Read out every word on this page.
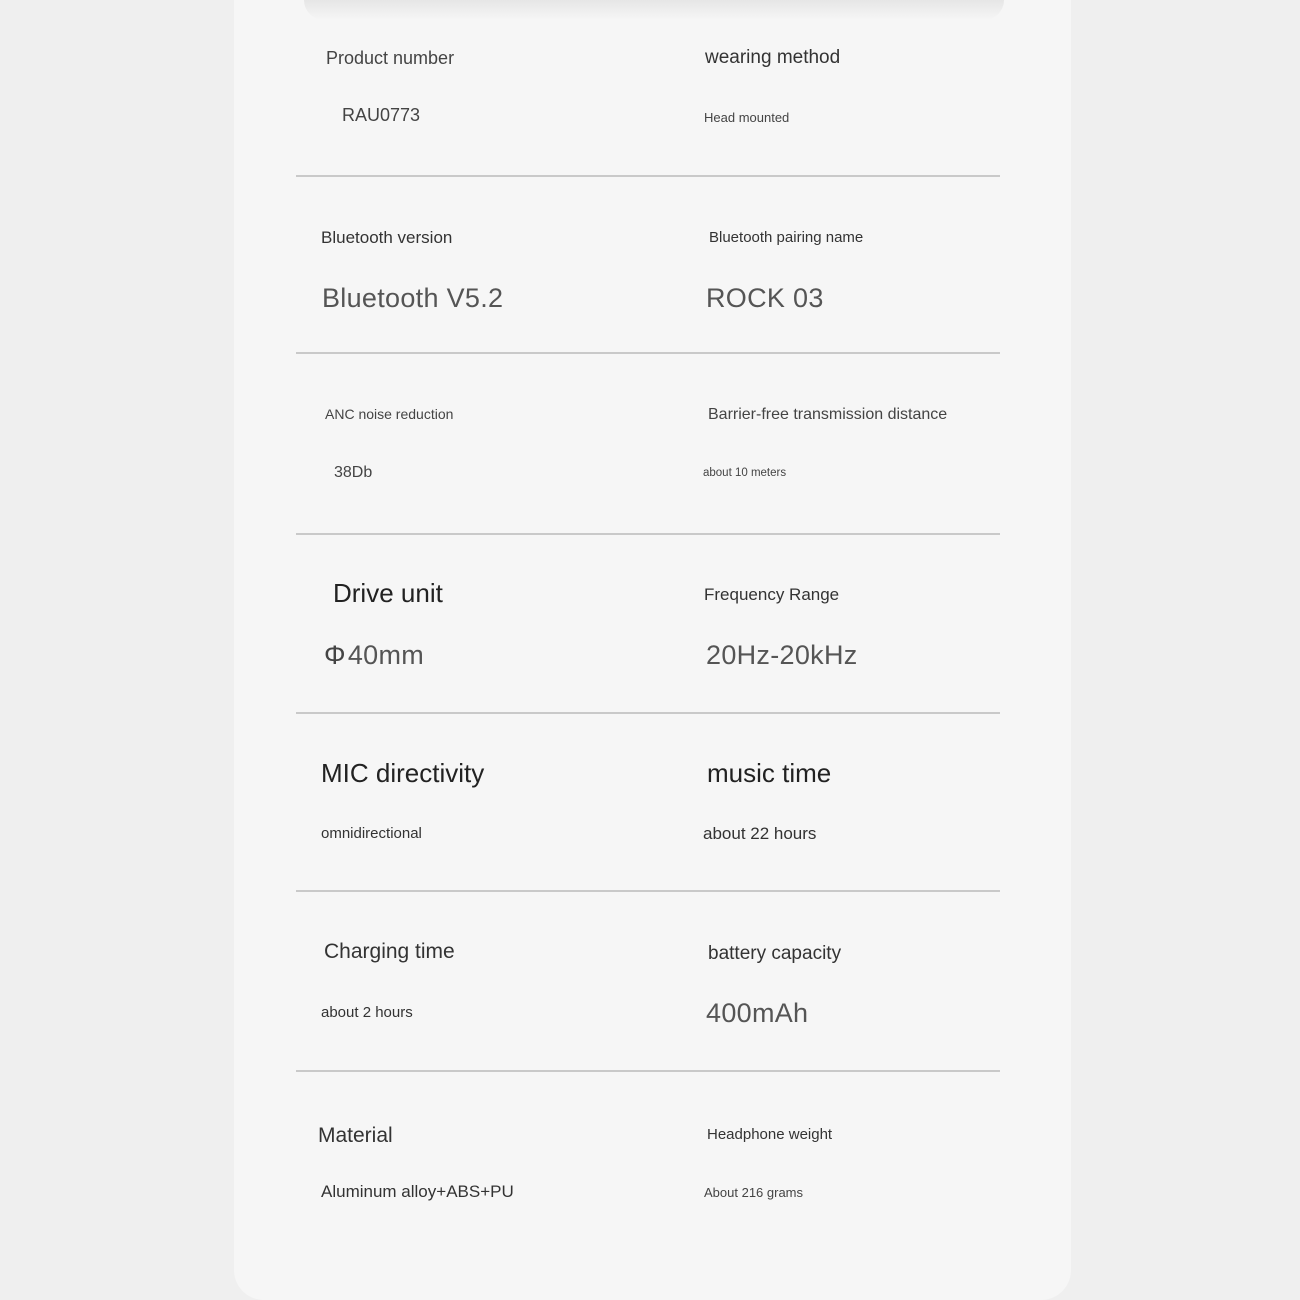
Product number
RAU0773
wearing method
Head mounted
Bluetooth version
Bluetooth V5.2
Bluetooth pairing name
ROCK 03
ANC noise reduction
38Db
Barrier-free transmission distance
about 10 meters
Drive unit
Φ40mm
Frequency Range
20Hz-20kHz
MIC directivity
omnidirectional
music time
about 22 hours
Charging time
about 2 hours
battery capacity
400mAh
Material
Aluminum alloy+ABS+PU
Headphone weight
About 216 grams
